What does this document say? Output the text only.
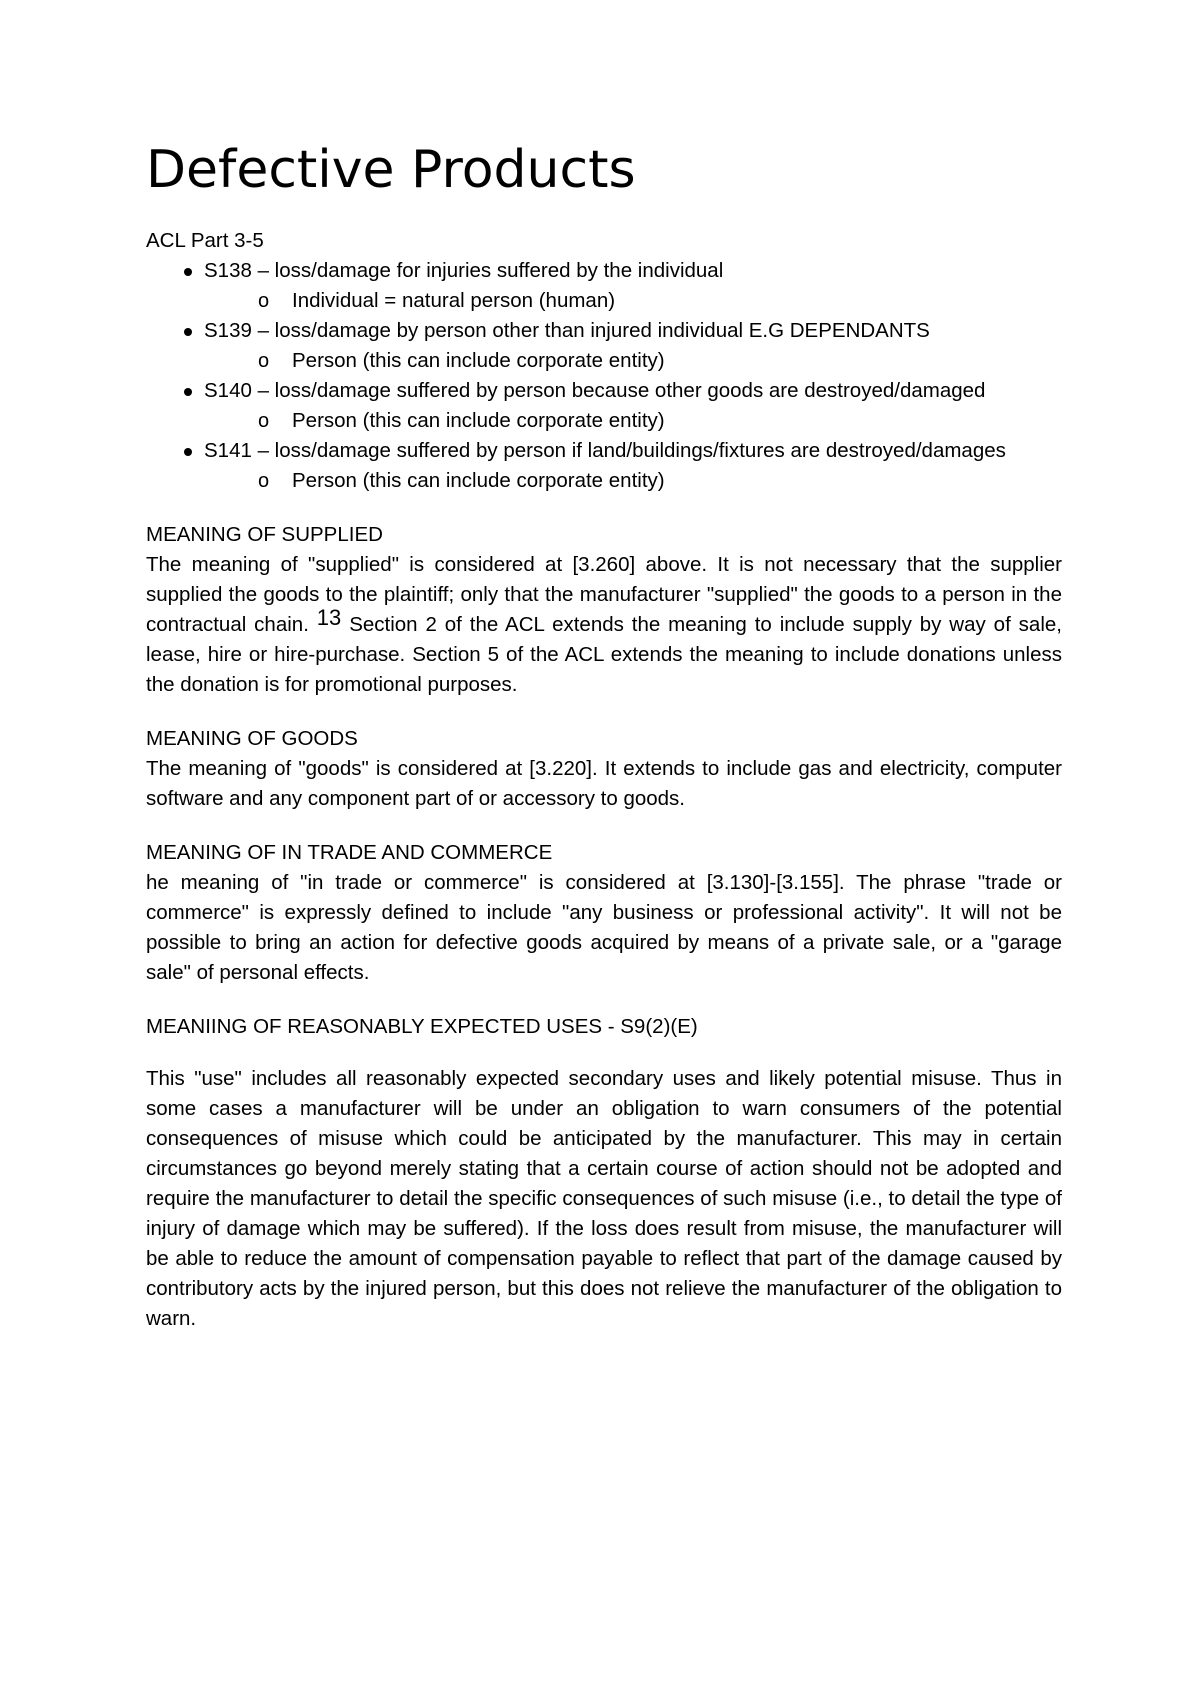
Defective Products

ACL Part 3-5

S138 – loss/damage for injuries suffered by the individual
o Individual = natural person (human)
S139 – loss/damage by person other than injured individual E.G DEPENDANTS
o Person (this can include corporate entity)
S140 – loss/damage suffered by person because other goods are destroyed/damaged
o Person (this can include corporate entity)
S141 – loss/damage suffered by person if land/buildings/fixtures are destroyed/damages
o Person (this can include corporate entity)

MEANING OF SUPPLIED

The meaning of "supplied" is considered at [3.260] above. It is not necessary that the supplier supplied the goods to the plaintiff; only that the manufacturer "supplied" the goods to a person in the contractual chain. $^{13}$ Section 2 of the ACL extends the meaning to include supply by way of sale, lease, hire or hire-purchase. Section 5 of the ACL extends the meaning to include donations unless the donation is for promotional purposes.

MEANING OF GOODS

The meaning of "goods" is considered at [3.220]. It extends to include gas and electricity, computer software and any component part of or accessory to goods.

MEANING OF IN TRADE AND COMMERCE

he meaning of "in trade or commerce" is considered at [3.130]-[3.155]. The phrase "trade or commerce" is expressly defined to include "any business or professional activity". It will not be possible to bring an action for defective goods acquired by means of a private sale, or a "garage sale" of personal effects.

MEANIING OF REASONABLY EXPECTED USES - S9(2)(E)

This "use" includes all reasonably expected secondary uses and likely potential misuse. Thus in some cases a manufacturer will be under an obligation to warn consumers of the potential consequences of misuse which could be anticipated by the manufacturer. This may in certain circumstances go beyond merely stating that a certain course of action should not be adopted and require the manufacturer to detail the specific consequences of such misuse (i.e., to detail the type of injury of damage which may be suffered). If the loss does result from misuse, the manufacturer will be able to reduce the amount of compensation payable to reflect that part of the damage caused by contributory acts by the injured person, but this does not relieve the manufacturer of the obligation to warn.
